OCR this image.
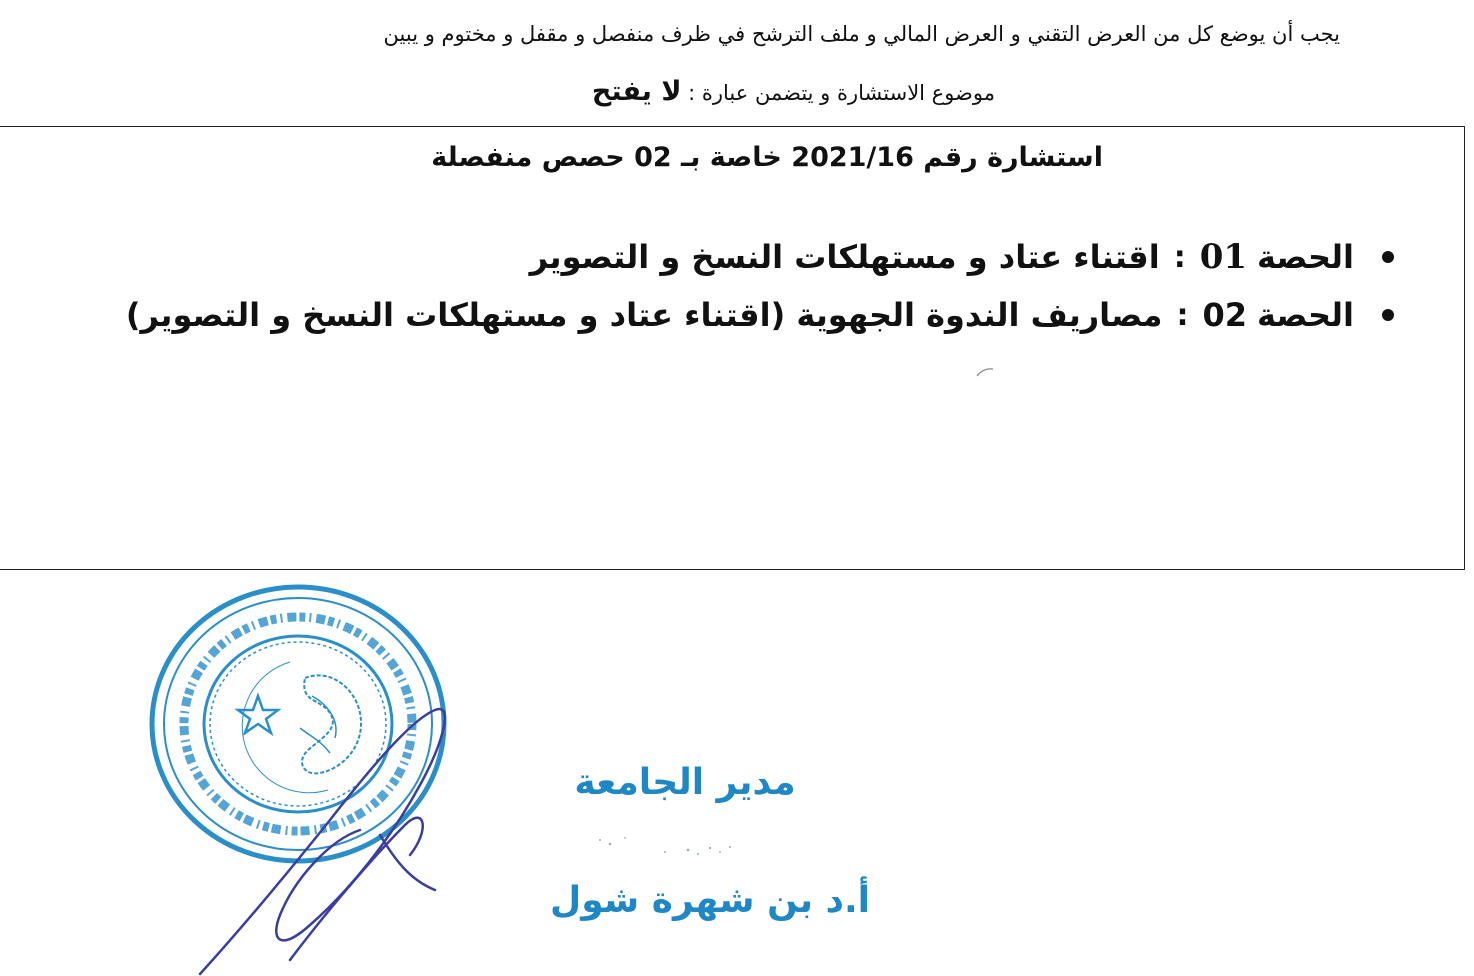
يجب أن يوضع كل من العرض التقني و العرض المالي و ملف الترشح في ظرف منفصل و مقفل و مختوم و يبين
موضوع الاستشارة و يتضمن عبارة : لا يفتح
استشارة رقم 2021/16 خاصة بـ 02 حصص منفصلة
الحصة
01
:
اقتناء عتاد و مستهلكات النسخ و التصوير
الحصة
02
:
مصاريف الندوة الجهوية (اقتناء عتاد و مستهلكات النسخ و التصوير)
مدير الجامعة
أ.د بن شهرة شول
